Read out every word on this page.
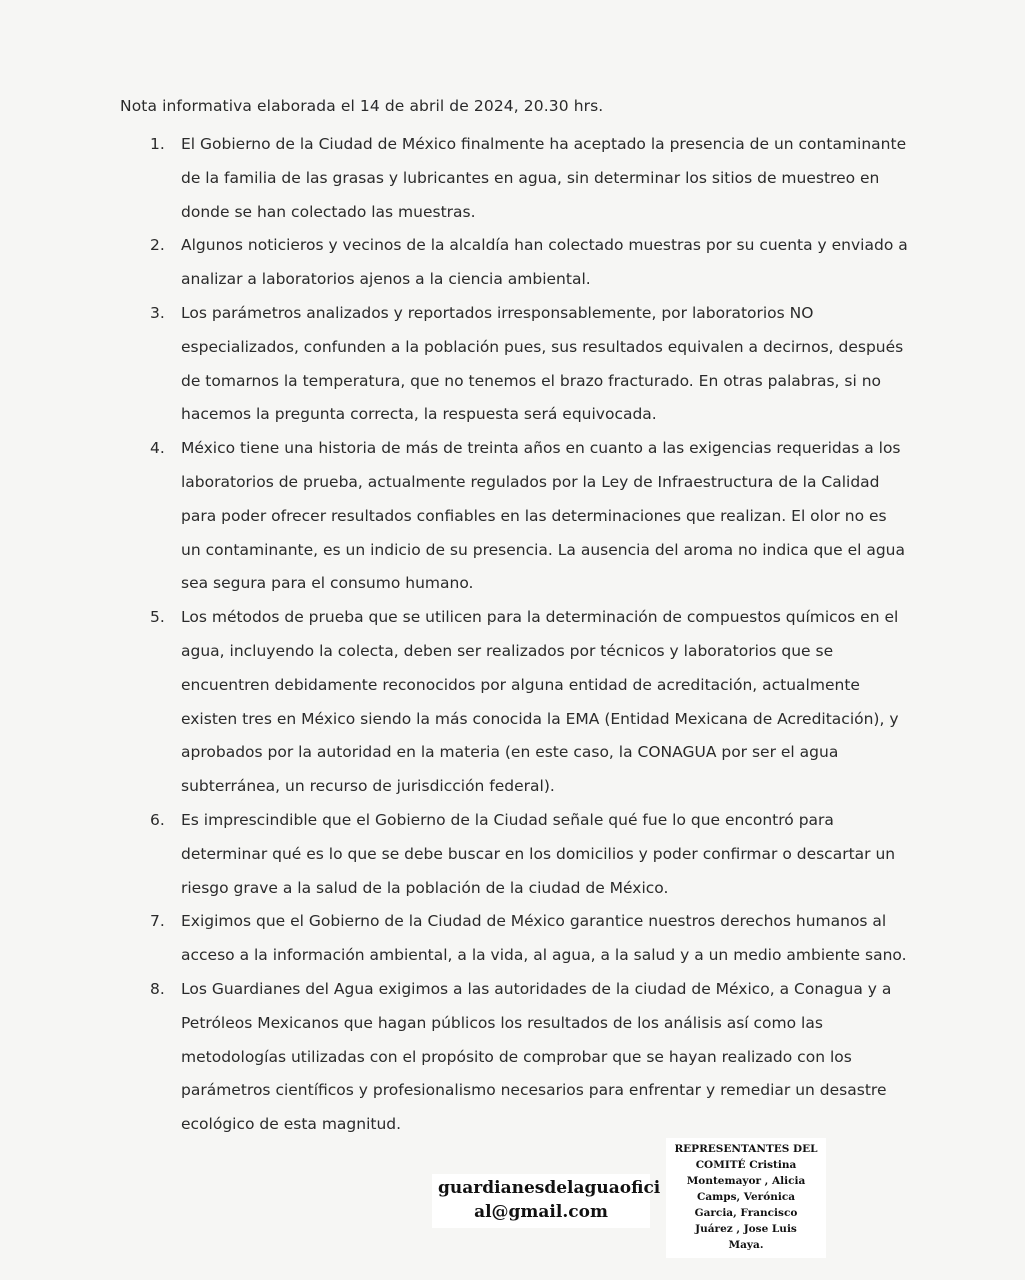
Nota informativa elaborada el 14 de abril de 2024, 20.30 hrs.
1.	El Gobierno de la Ciudad de México finalmente ha aceptado la presencia de un contaminante de la familia de las grasas y lubricantes en agua, sin determinar los sitios de muestreo en donde se han colectado las muestras.
2.	Algunos noticieros y vecinos de la alcaldía han colectado muestras por su cuenta y enviado a analizar a laboratorios ajenos a la ciencia ambiental.
3.	Los parámetros analizados y reportados irresponsablemente, por laboratorios NO especializados, confunden a la población pues, sus resultados equivalen a decirnos, después de tomarnos la temperatura, que no tenemos el brazo fracturado. En otras palabras, si no hacemos la pregunta correcta, la respuesta será equivocada.
4.	México tiene una historia de más de treinta años en cuanto a las exigencias requeridas a los laboratorios de prueba, actualmente regulados por la Ley de Infraestructura de la Calidad para poder ofrecer resultados confiables en las determinaciones que realizan. El olor no es un contaminante, es un indicio de su presencia. La ausencia del aroma no indica que el agua sea segura para el consumo humano.
5.	Los métodos de prueba que se utilicen para la determinación de compuestos químicos en el agua, incluyendo la colecta, deben ser realizados por técnicos y laboratorios que se encuentren debidamente reconocidos por alguna entidad de acreditación, actualmente existen tres en México siendo la más conocida la EMA (Entidad Mexicana de Acreditación), y aprobados por la autoridad en la materia (en este caso, la CONAGUA por ser el agua subterránea, un recurso de jurisdicción federal).
6.	Es imprescindible que el Gobierno de la Ciudad señale qué fue lo que encontró para determinar qué es lo que se debe buscar en los domicilios y poder confirmar o descartar un riesgo grave a la salud de la población de la ciudad de México.
7.	Exigimos que el Gobierno de la Ciudad de México garantice nuestros derechos humanos al acceso a la información ambiental, a la vida, al agua, a la salud y a un medio ambiente sano.
8.	Los Guardianes del Agua exigimos a las autoridades de la ciudad de México, a Conagua y a Petróleos Mexicanos que hagan públicos los resultados de los análisis así como las metodologías utilizadas con el propósito de comprobar que se hayan realizado con los parámetros científicos y profesionalismo necesarios para enfrentar y remediar un desastre ecológico de esta magnitud.
guardianesdelaguaofici
al@gmail.com
REPRESENTANTES DEL
COMITÉ Cristina
Montemayor , Alicia
Camps, Verónica
Garcia, Francisco
Juárez , Jose Luis
Maya.
